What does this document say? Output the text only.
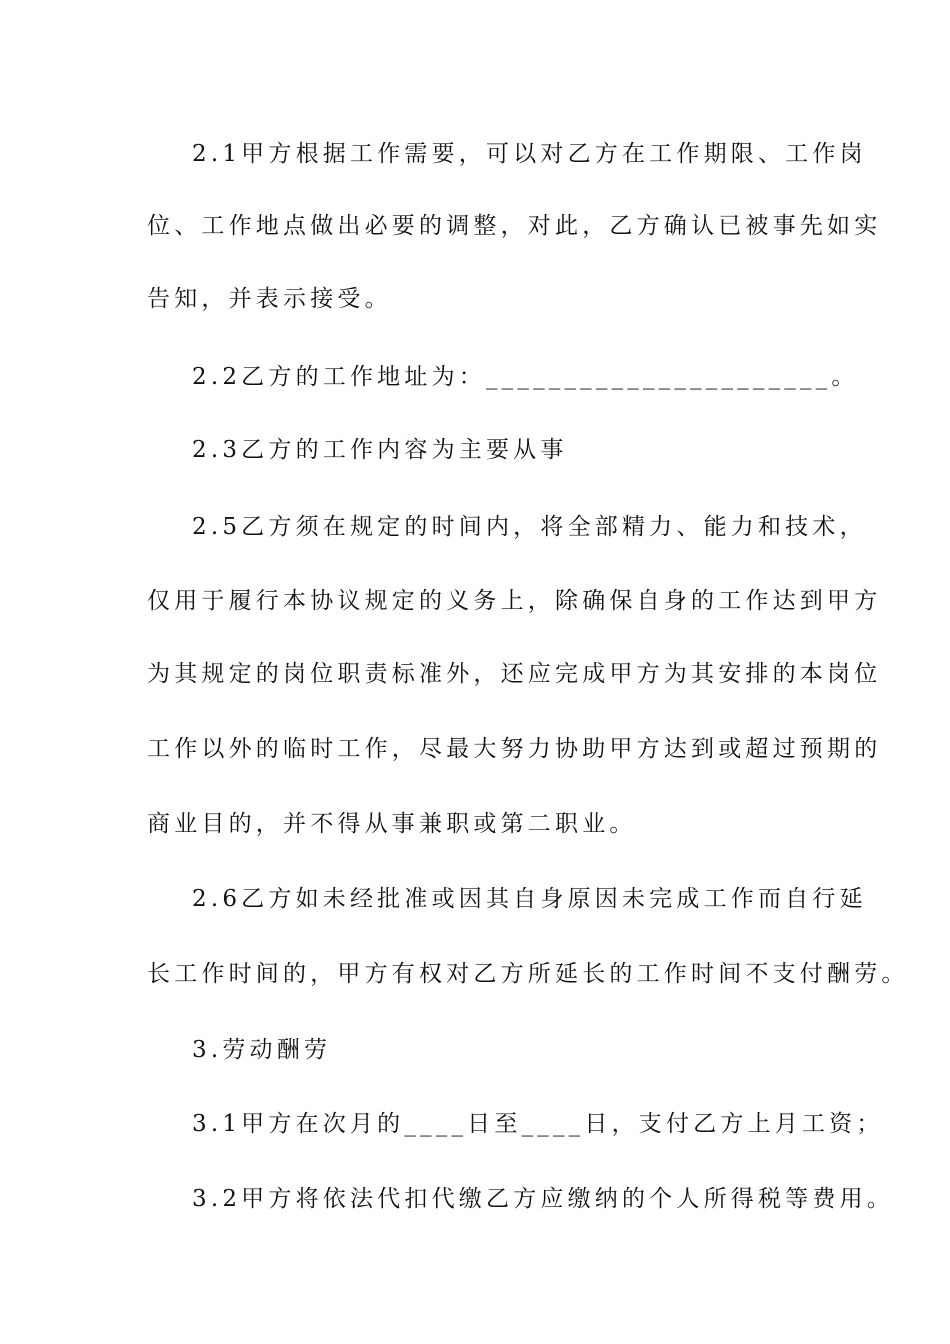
2.1甲方根据工作需要，可以对乙方在工作期限、工作岗
位、工作地点做出必要的调整，对此，乙方确认已被事先如实
告知，并表示接受。
2.2乙方的工作地址为：______________________。
2.3乙方的工作内容为主要从事
2.5乙方须在规定的时间内，将全部精力、能力和技术，
仅用于履行本协议规定的义务上，除确保自身的工作达到甲方
为其规定的岗位职责标准外，还应完成甲方为其安排的本岗位
工作以外的临时工作，尽最大努力协助甲方达到或超过预期的
商业目的，并不得从事兼职或第二职业。
2.6乙方如未经批准或因其自身原因未完成工作而自行延
长工作时间的，甲方有权对乙方所延长的工作时间不支付酬劳。
3.劳动酬劳
3.1甲方在次月的____日至____日，支付乙方上月工资；
3.2甲方将依法代扣代缴乙方应缴纳的个人所得税等费用。
